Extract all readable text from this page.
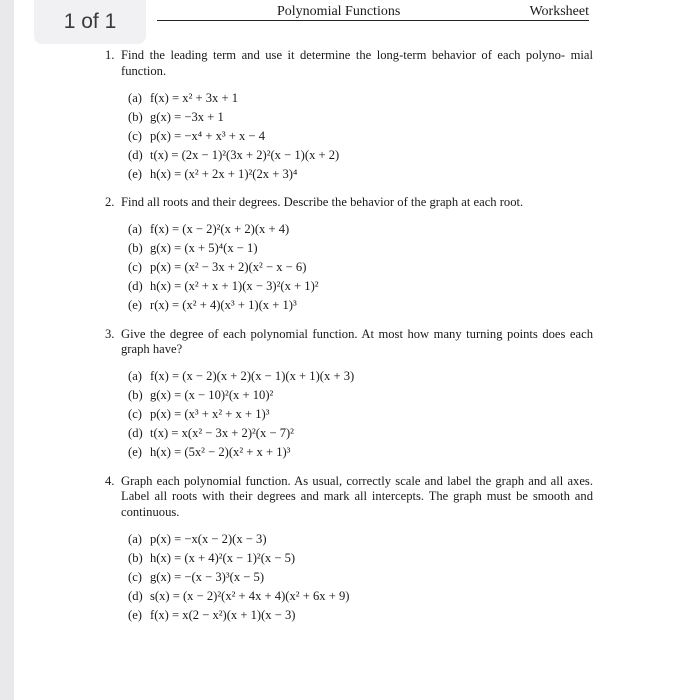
1 of 1	Polynomial Functions	Worksheet
1. Find the leading term and use it determine the long-term behavior of each polyno- mial function.
(a) f(x) = x² + 3x + 1
(b) g(x) = −3x + 1
(c) p(x) = −x⁴ + x³ + x − 4
(d) t(x) = (2x − 1)²(3x + 2)²(x − 1)(x + 2)
(e) h(x) = (x² + 2x + 1)²(2x + 3)⁴
2. Find all roots and their degrees. Describe the behavior of the graph at each root.
(a) f(x) = (x − 2)²(x + 2)(x + 4)
(b) g(x) = (x + 5)⁴(x − 1)
(c) p(x) = (x² − 3x + 2)(x² − x − 6)
(d) h(x) = (x² + x + 1)(x − 3)²(x + 1)²
(e) r(x) = (x² + 4)(x³ + 1)(x + 1)³
3. Give the degree of each polynomial function. At most how many turning points does each graph have?
(a) f(x) = (x − 2)(x + 2)(x − 1)(x + 1)(x + 3)
(b) g(x) = (x − 10)²(x + 10)²
(c) p(x) = (x³ + x² + x + 1)³
(d) t(x) = x(x² − 3x + 2)²(x − 7)²
(e) h(x) = (5x² − 2)(x² + x + 1)³
4. Graph each polynomial function. As usual, correctly scale and label the graph and all axes. Label all roots with their degrees and mark all intercepts. The graph must be smooth and continuous.
(a) p(x) = −x(x − 2)(x − 3)
(b) h(x) = (x + 4)²(x − 1)²(x − 5)
(c) g(x) = −(x − 3)³(x − 5)
(d) s(x) = (x − 2)²(x² + 4x + 4)(x² + 6x + 9)
(e) f(x) = x(2 − x²)(x + 1)(x − 3)
